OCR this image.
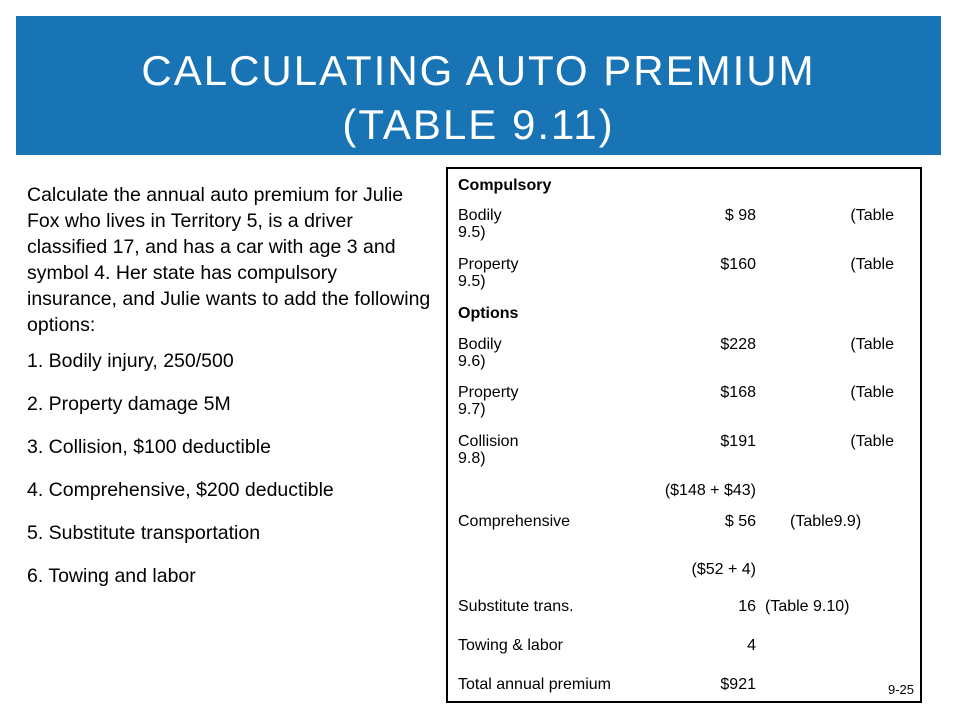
CALCULATING AUTO PREMIUM
(TABLE 9.11)

Calculate the annual auto premium for Julie Fox who lives in Territory 5, is a driver classified 17, and has a car with age 3 and symbol 4. Her state has compulsory insurance, and Julie wants to add the following options:

1. Bodily injury, 250/500
2. Property damage 5M
3. Collision, $100 deductible
4. Comprehensive, $200 deductible
5. Substitute transportation
6. Towing and labor
Compulsory
Bodily	$ 98	(Table
9.5)
Property	$160	(Table
9.5)
Options
Bodily	$228	(Table
9.6)
Property	$168	(Table
9.7)
Collision	$191	(Table
9.8)
($148 + $43)
Comprehensive	$ 56 (Table9.9)
($52 + 4)
Substitute trans.	16 (Table 9.10)
Towing & labor	4
Total annual premium	$921	9-25
